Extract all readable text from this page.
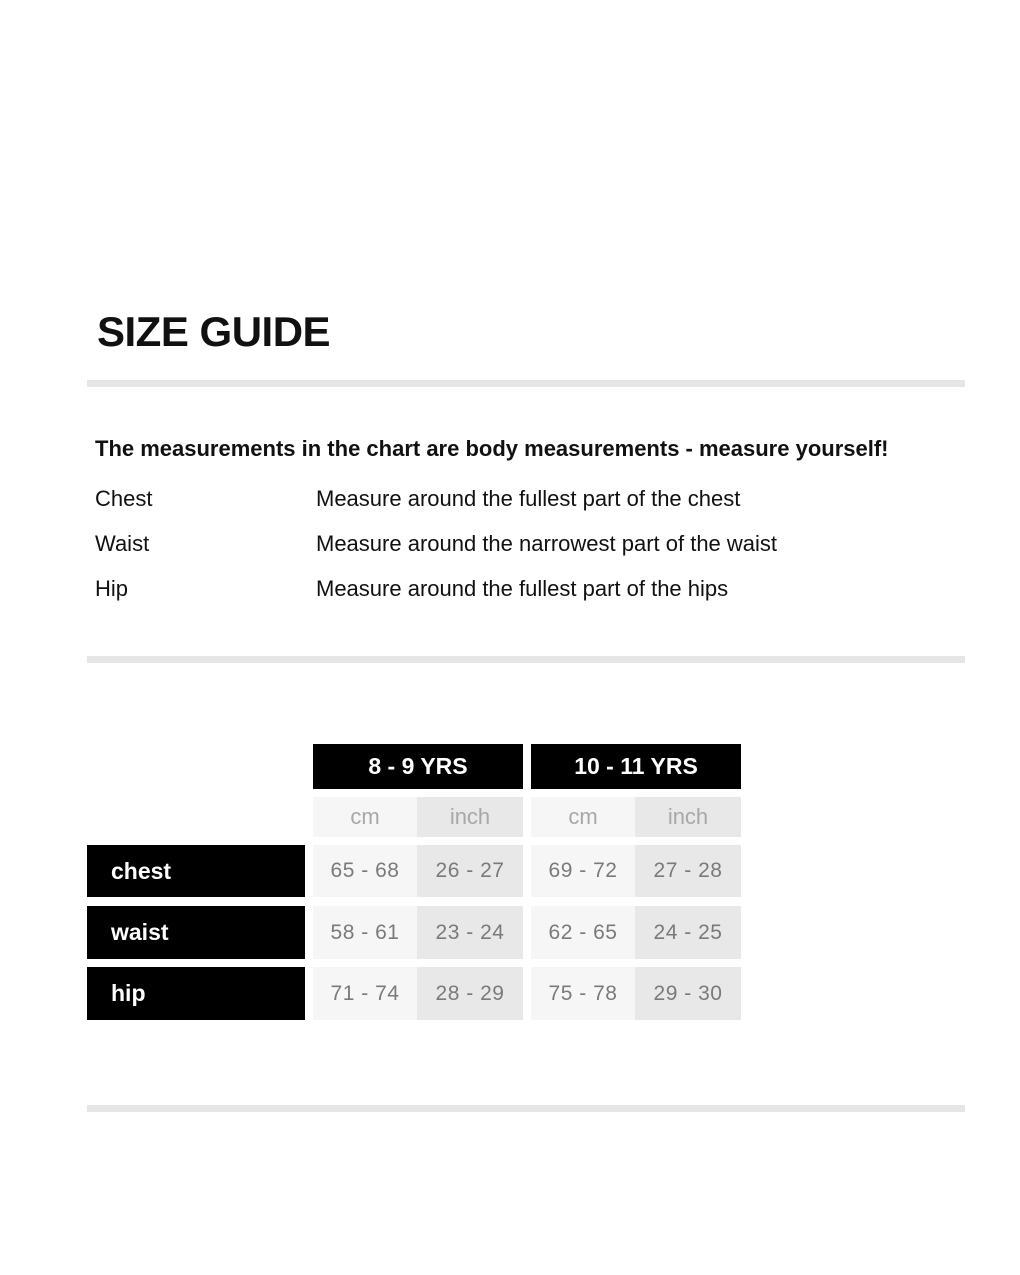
SIZE GUIDE
The measurements in the chart are body measurements - measure yourself!
Chest	Measure around the fullest part of the chest
Waist	Measure around the narrowest part of the waist
Hip	Measure around the fullest part of the hips
8 - 9 YRS	10 - 11 YRS
cm	inch	cm	inch
chest	65 - 68	26 - 27	69 - 72	27 - 28
waist	58 - 61	23 - 24	62 - 65	24 - 25
hip	71 - 74	28 - 29	75 - 78	29 - 30
